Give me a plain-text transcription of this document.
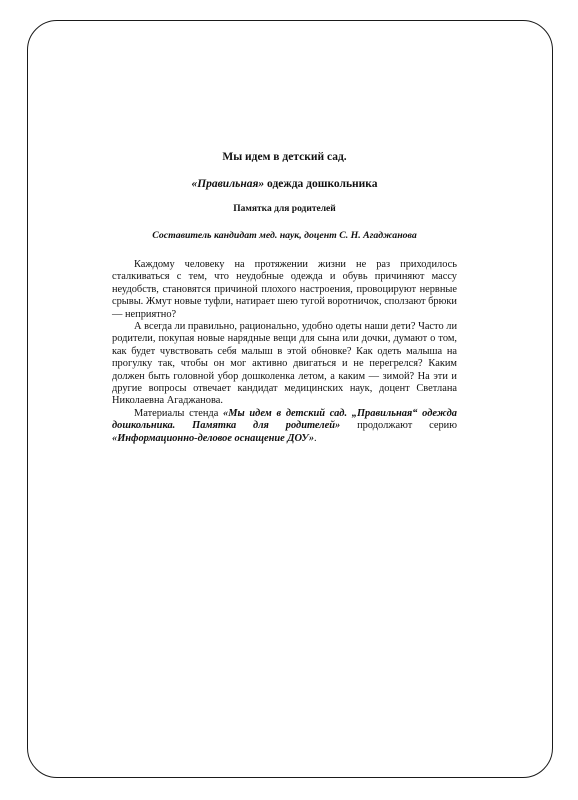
Мы идем в детский сад.

«Правильная» одежда дошкольника

Памятка для родителей

Составитель кандидат мед. наук, доцент С. Н. Агаджанова

Каждому человеку на протяжении жизни не раз приходилось сталкиваться с тем, что неудобные одежда и обувь причиняют массу неудобств, становятся причиной плохого настроения, провоцируют нервные срывы. Жмут новые туфли, натирает шею тугой воротничок, сползают брюки — неприятно?

А всегда ли правильно, рационально, удобно одеты наши дети? Часто ли родители, покупая новые нарядные вещи для сына или дочки, думают о том, как будет чувствовать себя малыш в этой обновке? Как одеть малыша на прогулку так, чтобы он мог активно двигаться и не перегрелся? Каким должен быть головной убор дошколенка летом, а каким — зимой? На эти и другие вопросы отвечает кандидат медицинских наук, доцент Светлана Николаевна Агаджанова.

Материалы стенда «Мы идем в детский сад. „Правильная“ одежда дошкольника. Памятка для родителей» продолжают серию «Информационно-деловое оснащение ДОУ».
